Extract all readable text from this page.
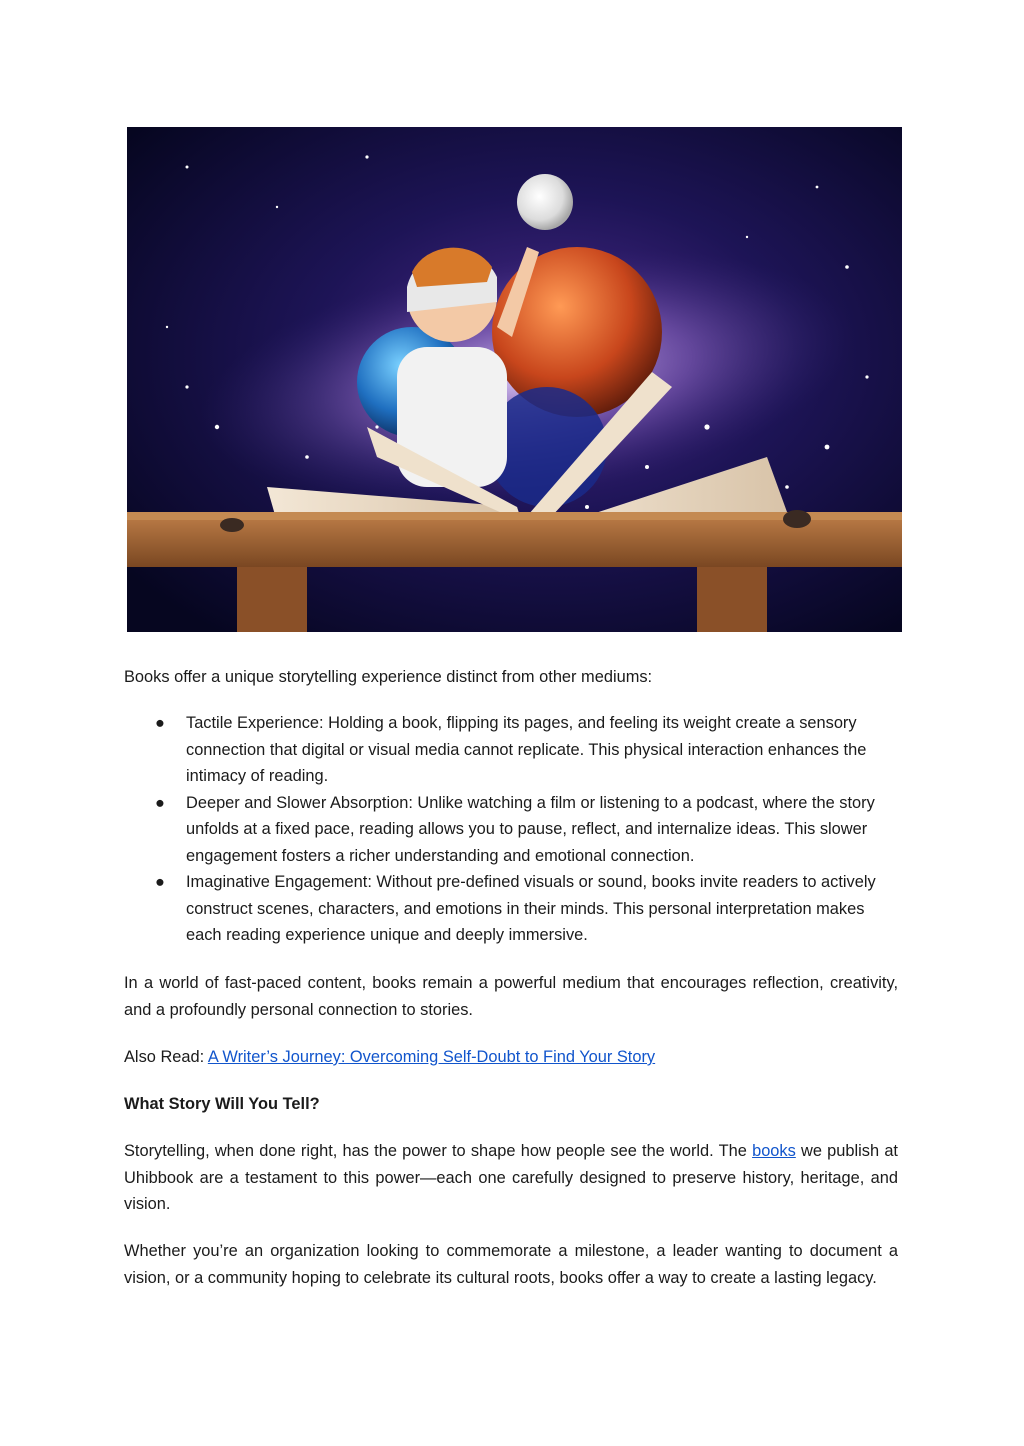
Books offer a unique storytelling experience distinct from other mediums:
● Tactile Experience: Holding a book, flipping its pages, and feeling its weight create a sensory connection that digital or visual media cannot replicate. This physical interaction enhances the intimacy of reading.
● Deeper and Slower Absorption: Unlike watching a film or listening to a podcast, where the story unfolds at a fixed pace, reading allows you to pause, reflect, and internalize ideas. This slower engagement fosters a richer understanding and emotional connection.
● Imaginative Engagement: Without pre-defined visuals or sound, books invite readers to actively construct scenes, characters, and emotions in their minds. This personal interpretation makes each reading experience unique and deeply immersive.
In a world of fast-paced content, books remain a powerful medium that encourages reflection, creativity, and a profoundly personal connection to stories.
Also Read: A Writer’s Journey: Overcoming Self-Doubt to Find Your Story
What Story Will You Tell?
Storytelling, when done right, has the power to shape how people see the world. The books we publish at Uhibbook are a testament to this power—each one carefully designed to preserve history, heritage, and vision.
Whether you’re an organization looking to commemorate a milestone, a leader wanting to document a vision, or a community hoping to celebrate its cultural roots, books offer a way to create a lasting legacy.
